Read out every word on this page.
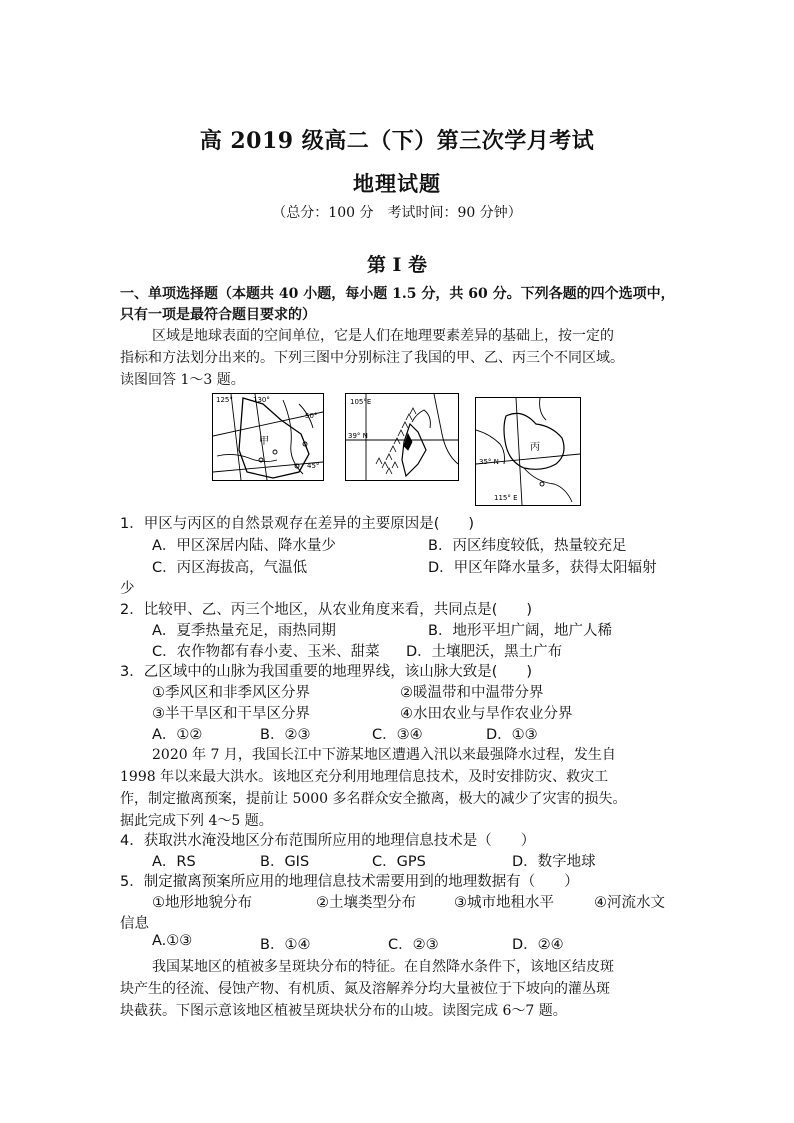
高 2019 级高二（下）第三次学月考试
地理试题
（总分：100 分　考试时间：90 分钟）
第 I 卷
一、单项选择题（本题共 40 小题，每小题 1.5 分，共 60 分。下列各题的四个选项中，只有一项是最符合题目要求的）
区域是地球表面的空间单位，它是人们在地理要素差异的基础上，按一定的
指标和方法划分出来的。下列三图中分别标注了我国的甲、乙、丙三个不同区域。
读图回答 1～3 题。
125°	130°
50°
45°
甲
105°E
39° N
丙
35° N
115° E
1．甲区与丙区的自然景观存在差异的主要原因是(　　)
A．甲区深居内陆、降水量少	B．丙区纬度较低，热量较充足
C．丙区海拔高，气温低	D．甲区年降水量多，获得太阳辐射
少
2．比较甲、乙、丙三个地区，从农业角度来看，共同点是(　　)
A．夏季热量充足，雨热同期	B．地形平坦广阔，地广人稀
C．农作物都有春小麦、玉米、甜菜 D．土壤肥沃，黑土广布
3．乙区域中的山脉为我国重要的地理界线，该山脉大致是(　　)
①季风区和非季风区分界	②暖温带和中温带分界
③半干旱区和干旱区分界	④水田农业与旱作农业分界
A．①②	B．②③	C．③④	D．①③
2020 年 7 月，我国长江中下游某地区遭遇入汛以来最强降水过程，发生自
1998 年以来最大洪水。该地区充分利用地理信息技术，及时安排防灾、救灾工
作，制定撤离预案，提前让 5000 多名群众安全撤离，极大的减少了灾害的损失。
据此完成下列 4～5 题。
4．获取洪水淹没地区分布范围所应用的地理信息技术是（　　）
A．RS	B．GIS	C．GPS	D．数字地球
5．制定撤离预案所应用的地理信息技术需要用到的地理数据有（　　）
①地形地貌分布	②土壤类型分布	③城市地租水平	④河流水文
信息
A.①③	B．①④	C．②③	D．②④
我国某地区的植被多呈斑块分布的特征。在自然降水条件下，该地区结皮斑
块产生的径流、侵蚀产物、有机质、氮及溶解养分均大量被位于下坡向的灌丛斑
块截获。下图示意该地区植被呈斑块状分布的山坡。读图完成 6～7 题。
